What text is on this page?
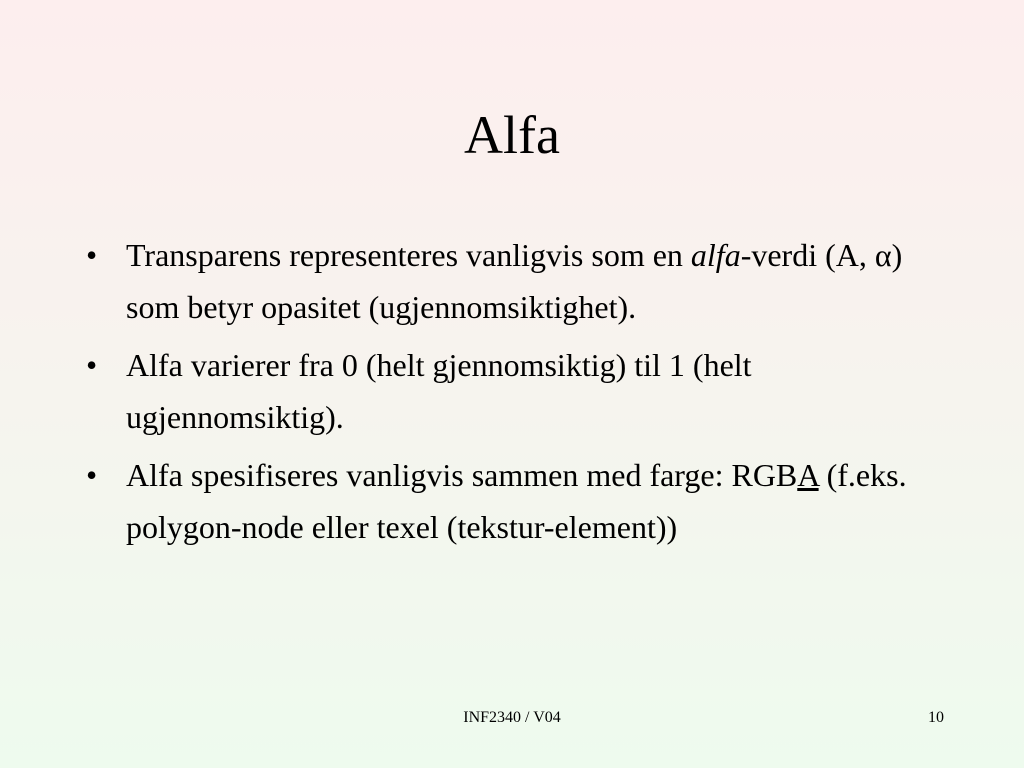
Alfa
• Transparens representeres vanligvis som en alfa-verdi (A, α) som betyr opasitet (ugjennomsiktighet).
• Alfa varierer fra 0 (helt gjennomsiktig) til 1 (helt ugjennomsiktig).
• Alfa spesifiseres vanligvis sammen med farge: RGBA (f.eks. polygon-node eller texel (tekstur-element))
INF2340 / V04	10
